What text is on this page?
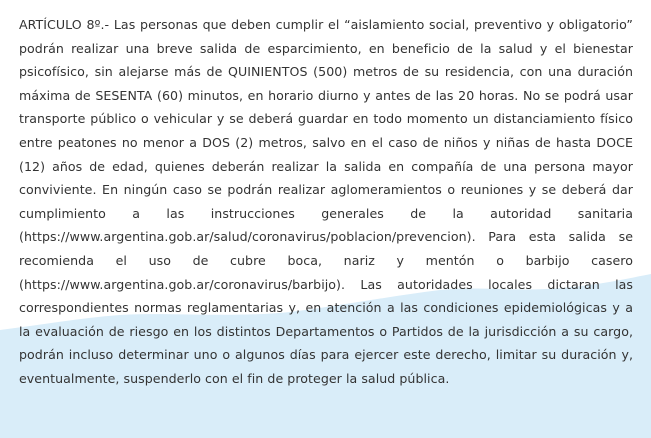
ARTÍCULO 8º.- Las personas que deben cumplir el “aislamiento social, preventivo y obligatorio” podrán realizar una breve salida de esparcimiento, en beneficio de la salud y el bienestar psicofísico, sin alejarse más de QUINIENTOS (500) metros de su residencia, con una duración máxima de SESENTA (60) minutos, en horario diurno y antes de las 20 horas. No se podrá usar transporte público o vehicular y se deberá guardar en todo momento un distanciamiento físico entre peatones no menor a DOS (2) metros, salvo en el caso de niños y niñas de hasta DOCE (12) años de edad, quienes deberán realizar la salida en compañía de una persona mayor conviviente. En ningún caso se podrán realizar aglomeramientos o reuniones y se deberá dar cumplimiento a las instrucciones generales de la autoridad sanitaria (https://www.argentina.gob.ar/salud/coronavirus/poblacion/prevencion). Para esta salida se recomienda el uso de cubre boca, nariz y mentón o barbijo casero (https://www.argentina.gob.ar/coronavirus/barbijo). Las autoridades locales dictaran las correspondientes normas reglamentarias y, en atención a las condiciones epidemiológicas y a la evaluación de riesgo en los distintos Departamentos o Partidos de la jurisdicción a su cargo, podrán incluso determinar uno o algunos días para ejercer este derecho, limitar su duración y, eventualmente, suspenderlo con el fin de proteger la salud pública.
